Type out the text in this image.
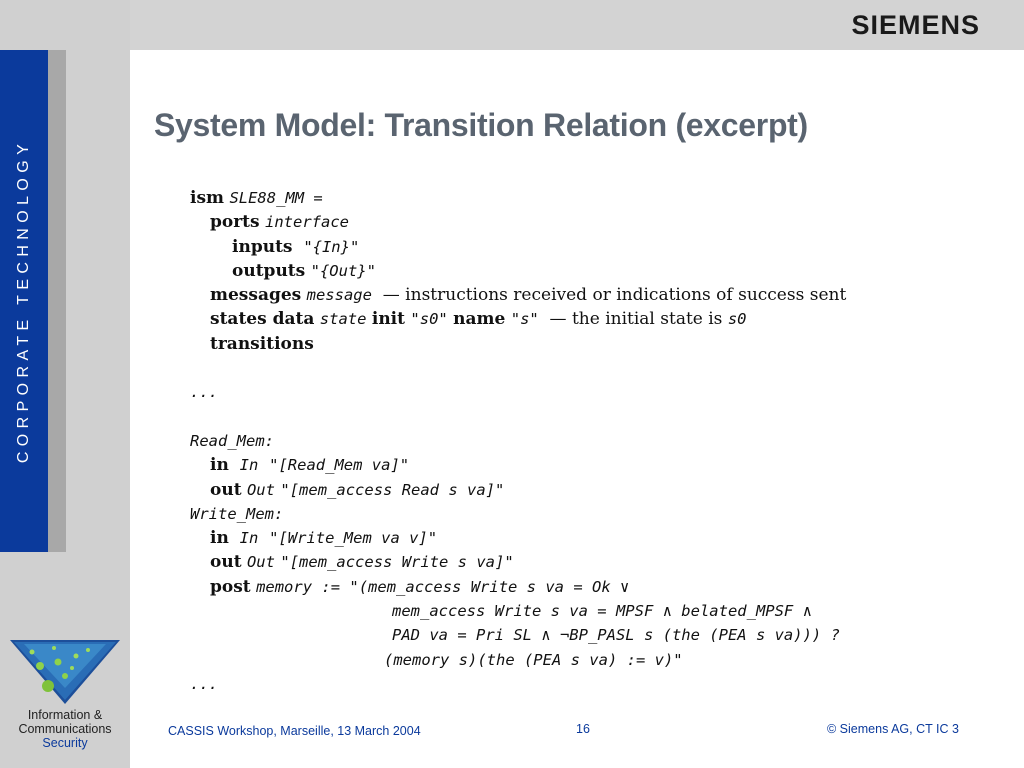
CORPORATE TECHNOLOGY
SIEMENS
System Model: Transition Relation (excerpt)
ism SLE88_MM =
ports interface
inputs "{In}"
outputs "{Out}"
messages message — instructions received or indications of success sent
states data state init "s0" name "s" — the initial state is s0
transitions
...
Read_Mem:
in In "[Read_Mem va]"
out Out "[mem_access Read s va]"
Write_Mem:
in In "[Write_Mem va v]"
out Out "[mem_access Write s va]"
post memory := "(mem_access Write s va = Ok ∨
mem_access Write s va = MPSF ∧ belated_MPSF ∧
PAD va = Pri SL ∧ ¬BP_PASL s (the (PEA s va))) ?
(memory s)(the (PEA s va) := v)"
...
Information &
Communications
Security
CASSIS Workshop, Marseille, 13 March 2004	16	© Siemens AG, CT IC 3
